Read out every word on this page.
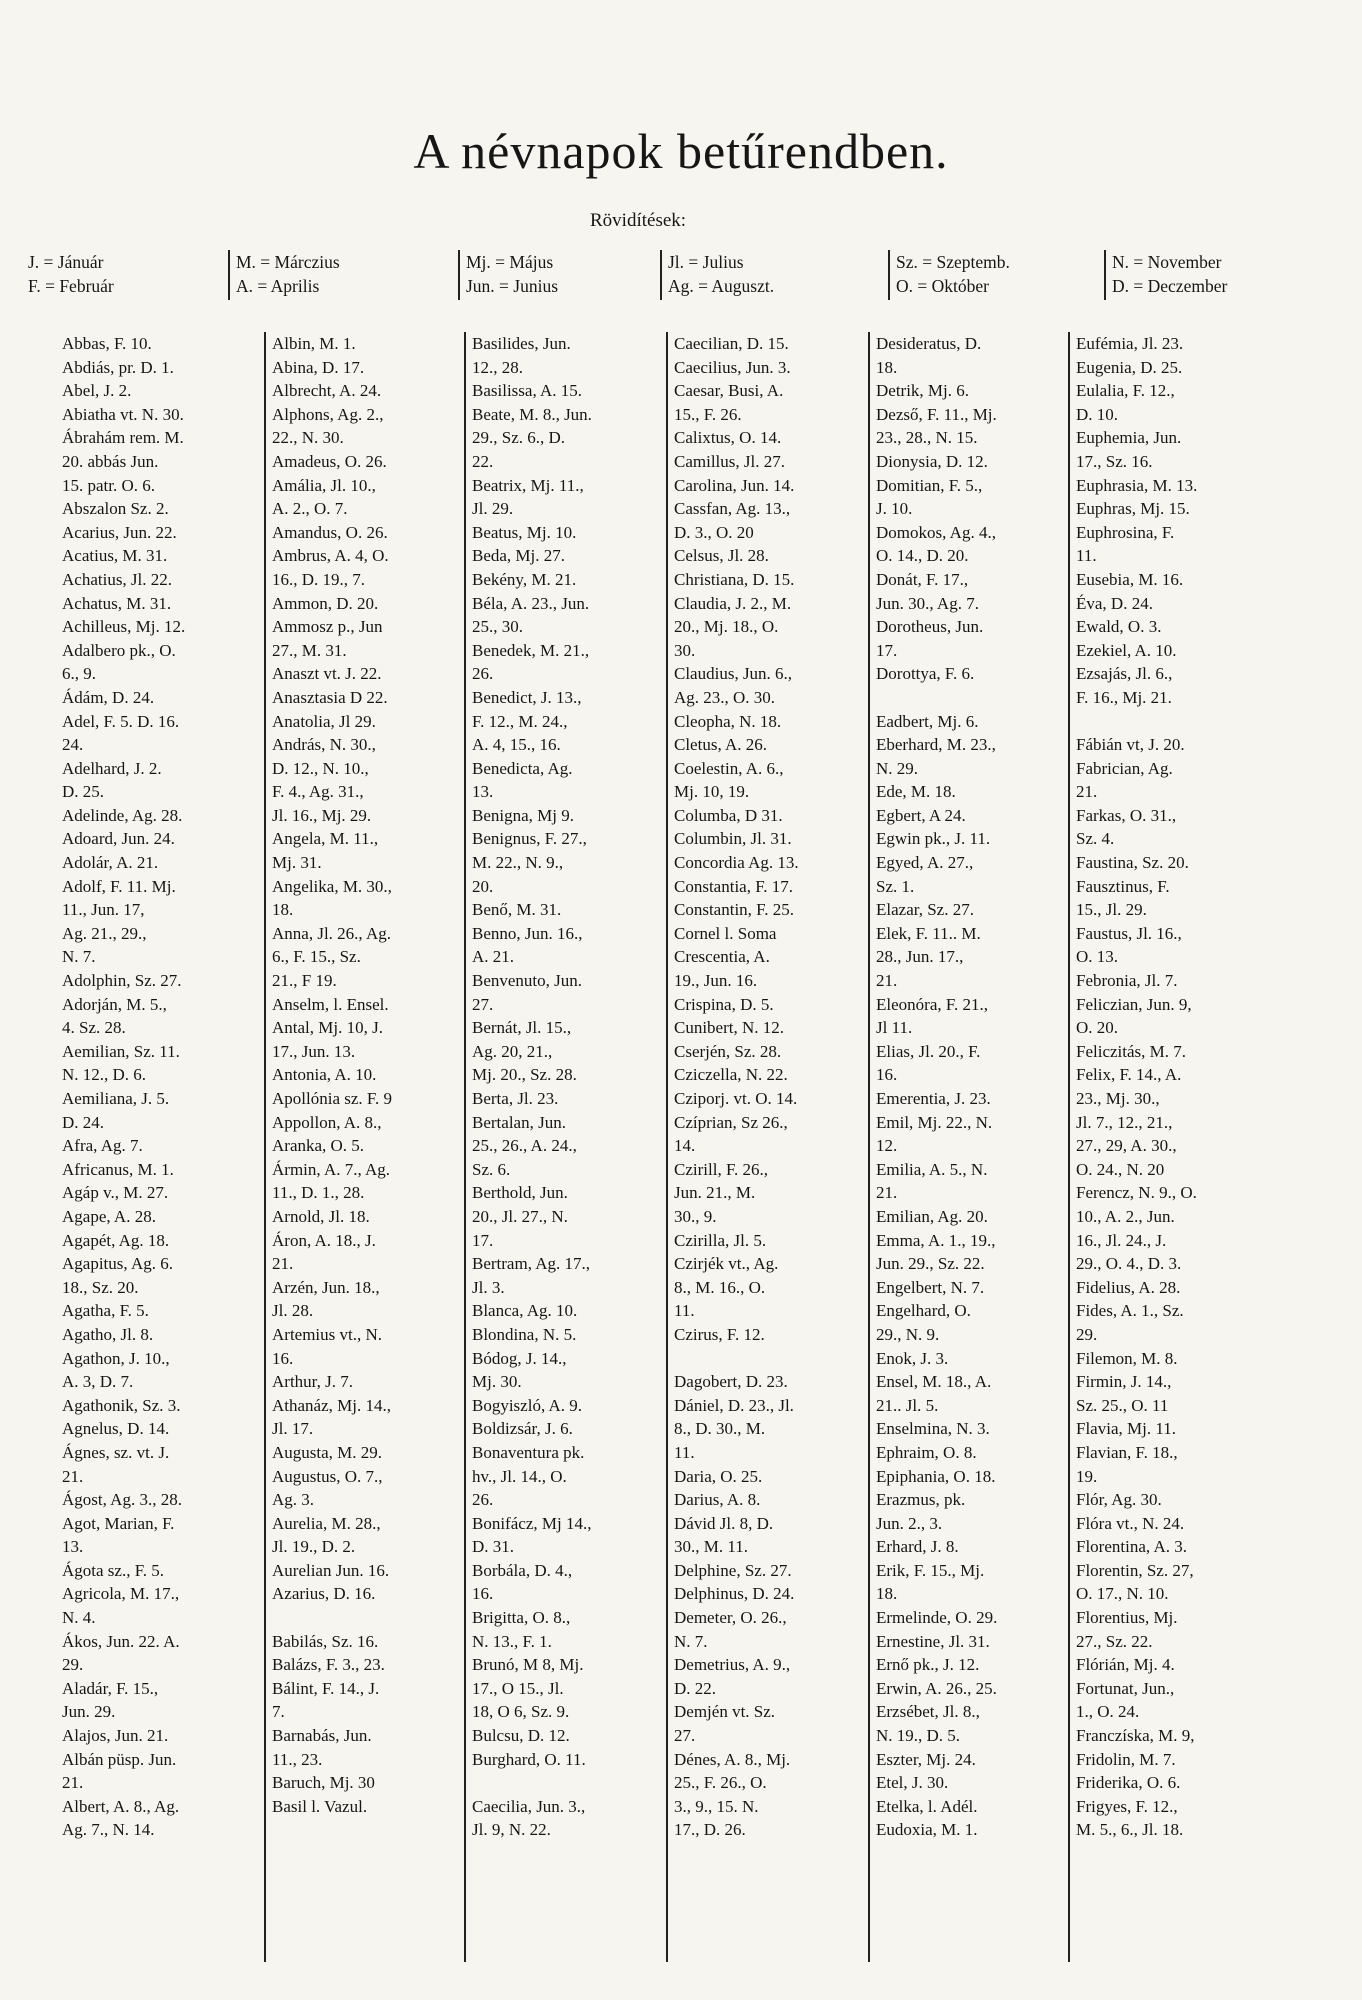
A névnapok betűrendben.
Rövidítések:
J. = Jánuár
F. = Február
M. = Márczius
A. = Aprilis
Mj. = Május
Jun. = Junius
Jl. = Julius
Ag. = Auguszt.
Sz. = Szeptemb.
O. = Október
N. = November
D. = Deczember
Abbas, F. 10.
Abdiás, pr. D. 1.
Abel, J. 2.
Abiatha vt. N. 30.
Ábrahám rem. M.
20. abbás Jun.
15. patr. O. 6.
Abszalon Sz. 2.
Acarius, Jun. 22.
Acatius, M. 31.
Achatius, Jl. 22.
Achatus, M. 31.
Achilleus, Mj. 12.
Adalbero pk., O.
6., 9.
Ádám, D. 24.
Adel, F. 5. D. 16.
24.
Adelhard, J. 2.
D. 25.
Adelinde, Ag. 28.
Adoard, Jun. 24.
Adolár, A. 21.
Adolf, F. 11. Mj.
11., Jun. 17,
Ag. 21., 29.,
N. 7.
Adolphin, Sz. 27.
Adorján, M. 5.,
4. Sz. 28.
Aemilian, Sz. 11.
N. 12., D. 6.
Aemiliana, J. 5.
D. 24.
Afra, Ag. 7.
Africanus, M. 1.
Agáp v., M. 27.
Agape, A. 28.
Agapét, Ag. 18.
Agapitus, Ag. 6.
18., Sz. 20.
Agatha, F. 5.
Agatho, Jl. 8.
Agathon, J. 10.,
A. 3, D. 7.
Agathonik, Sz. 3.
Agnelus, D. 14.
Ágnes, sz. vt. J.
21.
Ágost, Ag. 3., 28.
Agot, Marian, F.
13.
Ágota sz., F. 5.
Agricola, M. 17.,
N. 4.
Ákos, Jun. 22. A.
29.
Aladár, F. 15.,
Jun. 29.
Alajos, Jun. 21.
Albán püsp. Jun.
21.
Albert, A. 8., Ag.
Ag. 7., N. 14.
Albin, M. 1.
Abina, D. 17.
Albrecht, A. 24.
Alphons, Ag. 2.,
22., N. 30.
Amadeus, O. 26.
Amália, Jl. 10.,
A. 2., O. 7.
Amandus, O. 26.
Ambrus, A. 4, O.
16., D. 19., 7.
Ammon, D. 20.
Ammosz p., Jun
27., M. 31.
Anaszt vt. J. 22.
Anasztasia D 22.
Anatolia, Jl 29.
András, N. 30.,
D. 12., N. 10.,
F. 4., Ag. 31.,
Jl. 16., Mj. 29.
Angela, M. 11.,
Mj. 31.
Angelika, M. 30.,
18.
Anna, Jl. 26., Ag.
6., F. 15., Sz.
21., F 19.
Anselm, l. Ensel.
Antal, Mj. 10, J.
17., Jun. 13.
Antonia, A. 10.
Apollónia sz. F. 9
Appollon, A. 8.,
Aranka, O. 5.
Ármin, A. 7., Ag.
11., D. 1., 28.
Arnold, Jl. 18.
Áron, A. 18., J.
21.
Arzén, Jun. 18.,
Jl. 28.
Artemius vt., N.
16.
Arthur, J. 7.
Athanáz, Mj. 14.,
Jl. 17.
Augusta, M. 29.
Augustus, O. 7.,
Ag. 3.
Aurelia, M. 28.,
Jl. 19., D. 2.
Aurelian Jun. 16.
Azarius, D. 16.
Babilás, Sz. 16.
Balázs, F. 3., 23.
Bálint, F. 14., J.
7.
Barnabás, Jun.
11., 23.
Baruch, Mj. 30
Basil l. Vazul.
Basilides, Jun.
12., 28.
Basilissa, A. 15.
Beate, M. 8., Jun.
29., Sz. 6., D.
22.
Beatrix, Mj. 11.,
Jl. 29.
Beatus, Mj. 10.
Beda, Mj. 27.
Bekény, M. 21.
Béla, A. 23., Jun.
25., 30.
Benedek, M. 21.,
26.
Benedict, J. 13.,
F. 12., M. 24.,
A. 4, 15., 16.
Benedicta, Ag.
13.
Benigna, Mj 9.
Benignus, F. 27.,
M. 22., N. 9.,
20.
Benő, M. 31.
Benno, Jun. 16.,
A. 21.
Benvenuto, Jun.
27.
Bernát, Jl. 15.,
Ag. 20, 21.,
Mj. 20., Sz. 28.
Berta, Jl. 23.
Bertalan, Jun.
25., 26., A. 24.,
Sz. 6.
Berthold, Jun.
20., Jl. 27., N.
17.
Bertram, Ag. 17.,
Jl. 3.
Blanca, Ag. 10.
Blondina, N. 5.
Bódog, J. 14.,
Mj. 30.
Bogyiszló, A. 9.
Boldizsár, J. 6.
Bonaventura pk.
hv., Jl. 14., O.
26.
Bonifácz, Mj 14.,
D. 31.
Borbála, D. 4.,
16.
Brigitta, O. 8.,
N. 13., F. 1.
Brunó, M 8, Mj.
17., O 15., Jl.
18, O 6, Sz. 9.
Bulcsu, D. 12.
Burghard, O. 11.
Caecilia, Jun. 3.,
Jl. 9, N. 22.
Caecilian, D. 15.
Caecilius, Jun. 3.
Caesar, Busi, A.
15., F. 26.
Calixtus, O. 14.
Camillus, Jl. 27.
Carolina, Jun. 14.
Cassfan, Ag. 13.,
D. 3., O. 20
Celsus, Jl. 28.
Christiana, D. 15.
Claudia, J. 2., M.
20., Mj. 18., O.
30.
Claudius, Jun. 6.,
Ag. 23., O. 30.
Cleopha, N. 18.
Cletus, A. 26.
Coelestin, A. 6.,
Mj. 10, 19.
Columba, D 31.
Columbin, Jl. 31.
Concordia Ag. 13.
Constantia, F. 17.
Constantin, F. 25.
Cornel l. Soma
Crescentia, A.
19., Jun. 16.
Crispina, D. 5.
Cunibert, N. 12.
Cserjén, Sz. 28.
Cziczella, N. 22.
Cziporj. vt. O. 14.
Czíprian, Sz 26.,
14.
Czirill, F. 26.,
Jun. 21., M.
30., 9.
Czirilla, Jl. 5.
Czirjék vt., Ag.
8., M. 16., O.
11.
Czirus, F. 12.
Dagobert, D. 23.
Dániel, D. 23., Jl.
8., D. 30., M.
11.
Daria, O. 25.
Darius, A. 8.
Dávid Jl. 8, D.
30., M. 11.
Delphine, Sz. 27.
Delphinus, D. 24.
Demeter, O. 26.,
N. 7.
Demetrius, A. 9.,
D. 22.
Demjén vt. Sz.
27.
Dénes, A. 8., Mj.
25., F. 26., O.
3., 9., 15. N.
17., D. 26.
Desideratus, D.
18.
Detrik, Mj. 6.
Dezső, F. 11., Mj.
23., 28., N. 15.
Dionysia, D. 12.
Domitian, F. 5.,
J. 10.
Domokos, Ag. 4.,
O. 14., D. 20.
Donát, F. 17.,
Jun. 30., Ag. 7.
Dorotheus, Jun.
17.
Dorottya, F. 6.
Eadbert, Mj. 6.
Eberhard, M. 23.,
N. 29.
Ede, M. 18.
Egbert, A 24.
Egwin pk., J. 11.
Egyed, A. 27.,
Sz. 1.
Elazar, Sz. 27.
Elek, F. 11.. M.
28., Jun. 17.,
21.
Eleonóra, F. 21.,
Jl 11.
Elias, Jl. 20., F.
16.
Emerentia, J. 23.
Emil, Mj. 22., N.
12.
Emilia, A. 5., N.
21.
Emilian, Ag. 20.
Emma, A. 1., 19.,
Jun. 29., Sz. 22.
Engelbert, N. 7.
Engelhard, O.
29., N. 9.
Enok, J. 3.
Ensel, M. 18., A.
21.. Jl. 5.
Enselmina, N. 3.
Ephraim, O. 8.
Epiphania, O. 18.
Erazmus, pk.
Jun. 2., 3.
Erhard, J. 8.
Erik, F. 15., Mj.
18.
Ermelinde, O. 29.
Ernestine, Jl. 31.
Ernő pk., J. 12.
Erwin, A. 26., 25.
Erzsébet, Jl. 8.,
N. 19., D. 5.
Eszter, Mj. 24.
Etel, J. 30.
Etelka, l. Adél.
Eudoxia, M. 1.
Eufémia, Jl. 23.
Eugenia, D. 25.
Eulalia, F. 12.,
D. 10.
Euphemia, Jun.
17., Sz. 16.
Euphrasia, M. 13.
Euphras, Mj. 15.
Euphrosina, F.
11.
Eusebia, M. 16.
Éva, D. 24.
Ewald, O. 3.
Ezekiel, A. 10.
Ezsajás, Jl. 6.,
F. 16., Mj. 21.
Fábián vt, J. 20.
Fabrician, Ag.
21.
Farkas, O. 31.,
Sz. 4.
Faustina, Sz. 20.
Fausztinus, F.
15., Jl. 29.
Faustus, Jl. 16.,
O. 13.
Febronia, Jl. 7.
Feliczian, Jun. 9,
O. 20.
Feliczitás, M. 7.
Felix, F. 14., A.
23., Mj. 30.,
Jl. 7., 12., 21.,
27., 29, A. 30.,
O. 24., N. 20
Ferencz, N. 9., O.
10., A. 2., Jun.
16., Jl. 24., J.
29., O. 4., D. 3.
Fidelius, A. 28.
Fides, A. 1., Sz.
29.
Filemon, M. 8.
Firmin, J. 14.,
Sz. 25., O. 11
Flavia, Mj. 11.
Flavian, F. 18.,
19.
Flór, Ag. 30.
Flóra vt., N. 24.
Florentina, A. 3.
Florentin, Sz. 27,
O. 17., N. 10.
Florentius, Mj.
27., Sz. 22.
Flórián, Mj. 4.
Fortunat, Jun.,
1., O. 24.
Franczíska, M. 9,
Fridolin, M. 7.
Friderika, O. 6.
Frigyes, F. 12.,
M. 5., 6., Jl. 18.
